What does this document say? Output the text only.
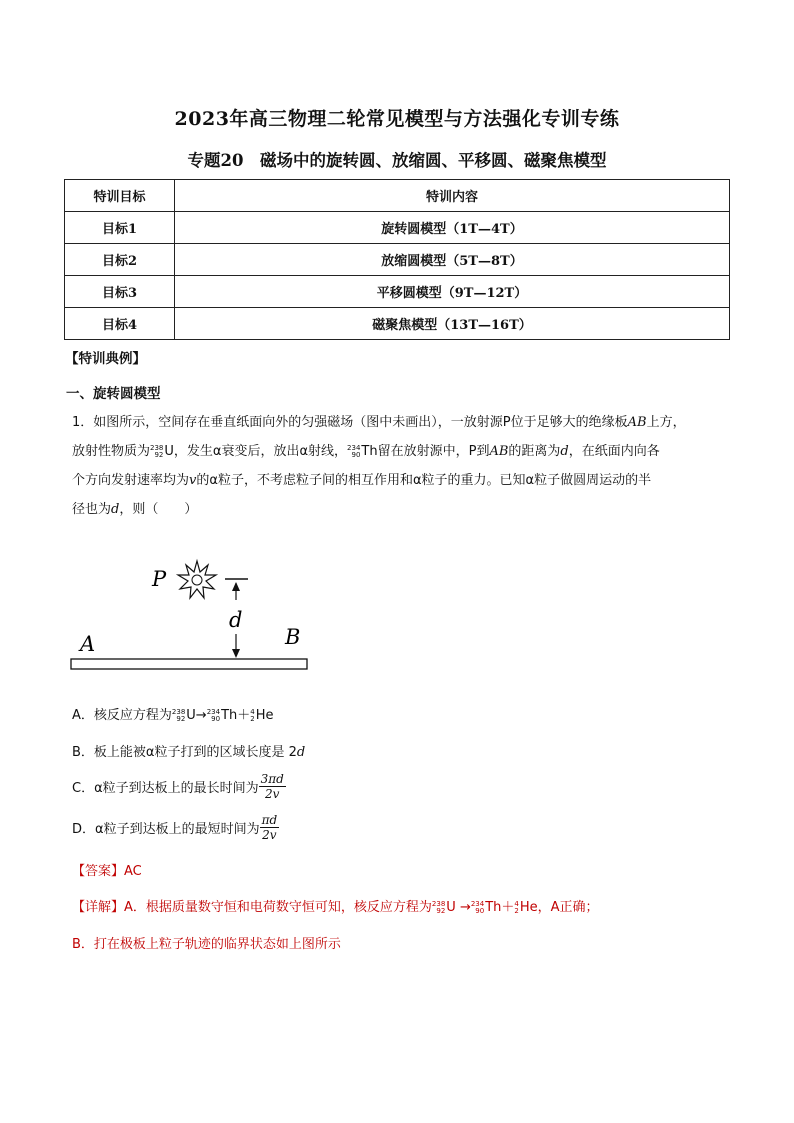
2023年高三物理二轮常见模型与方法强化专训专练
专题20　磁场中的旋转圆、放缩圆、平移圆、磁聚焦模型
特训目标	特训内容
目标1	旋转圆模型（1T—4T）
目标2	放缩圆模型（5T—8T）
目标3	平移圆模型（9T—12T）
目标4	磁聚焦模型（13T—16T）
【特训典例】
一、旋转圆模型
1．如图所示，空间存在垂直纸面向外的匀强磁场（图中未画出），一放射源P位于足够大的绝缘板AB上方，
放射性物质为 238
92 U，发生α衰变后，放出α射线， 234
90 Th留在放射源中，P到AB的距离为d，在纸面内向各
个方向发射速率均为v的α粒子，不考虑粒子间的相互作用和α粒子的重力。已知α粒子做圆周运动的半
径也为d，则（　　）
P
d
A	B
A．核反应方程为 238
92 U→ 234
90 Th＋ 4
2 He
B．板上能被α粒子打到的区域长度是 2d
C．α粒子到达板上的最长时间为 $\frac{3\pi d}{2v}$
D．α粒子到达板上的最短时间为 $\frac{\pi d}{2v}$
【答案】AC
【详解】A．根据质量数守恒和电荷数守恒可知，核反应方程为 238
92 U → 234
90 Th＋ 4
2 He，A正确；
B．打在极板上粒子轨迹的临界状态如上图所示
